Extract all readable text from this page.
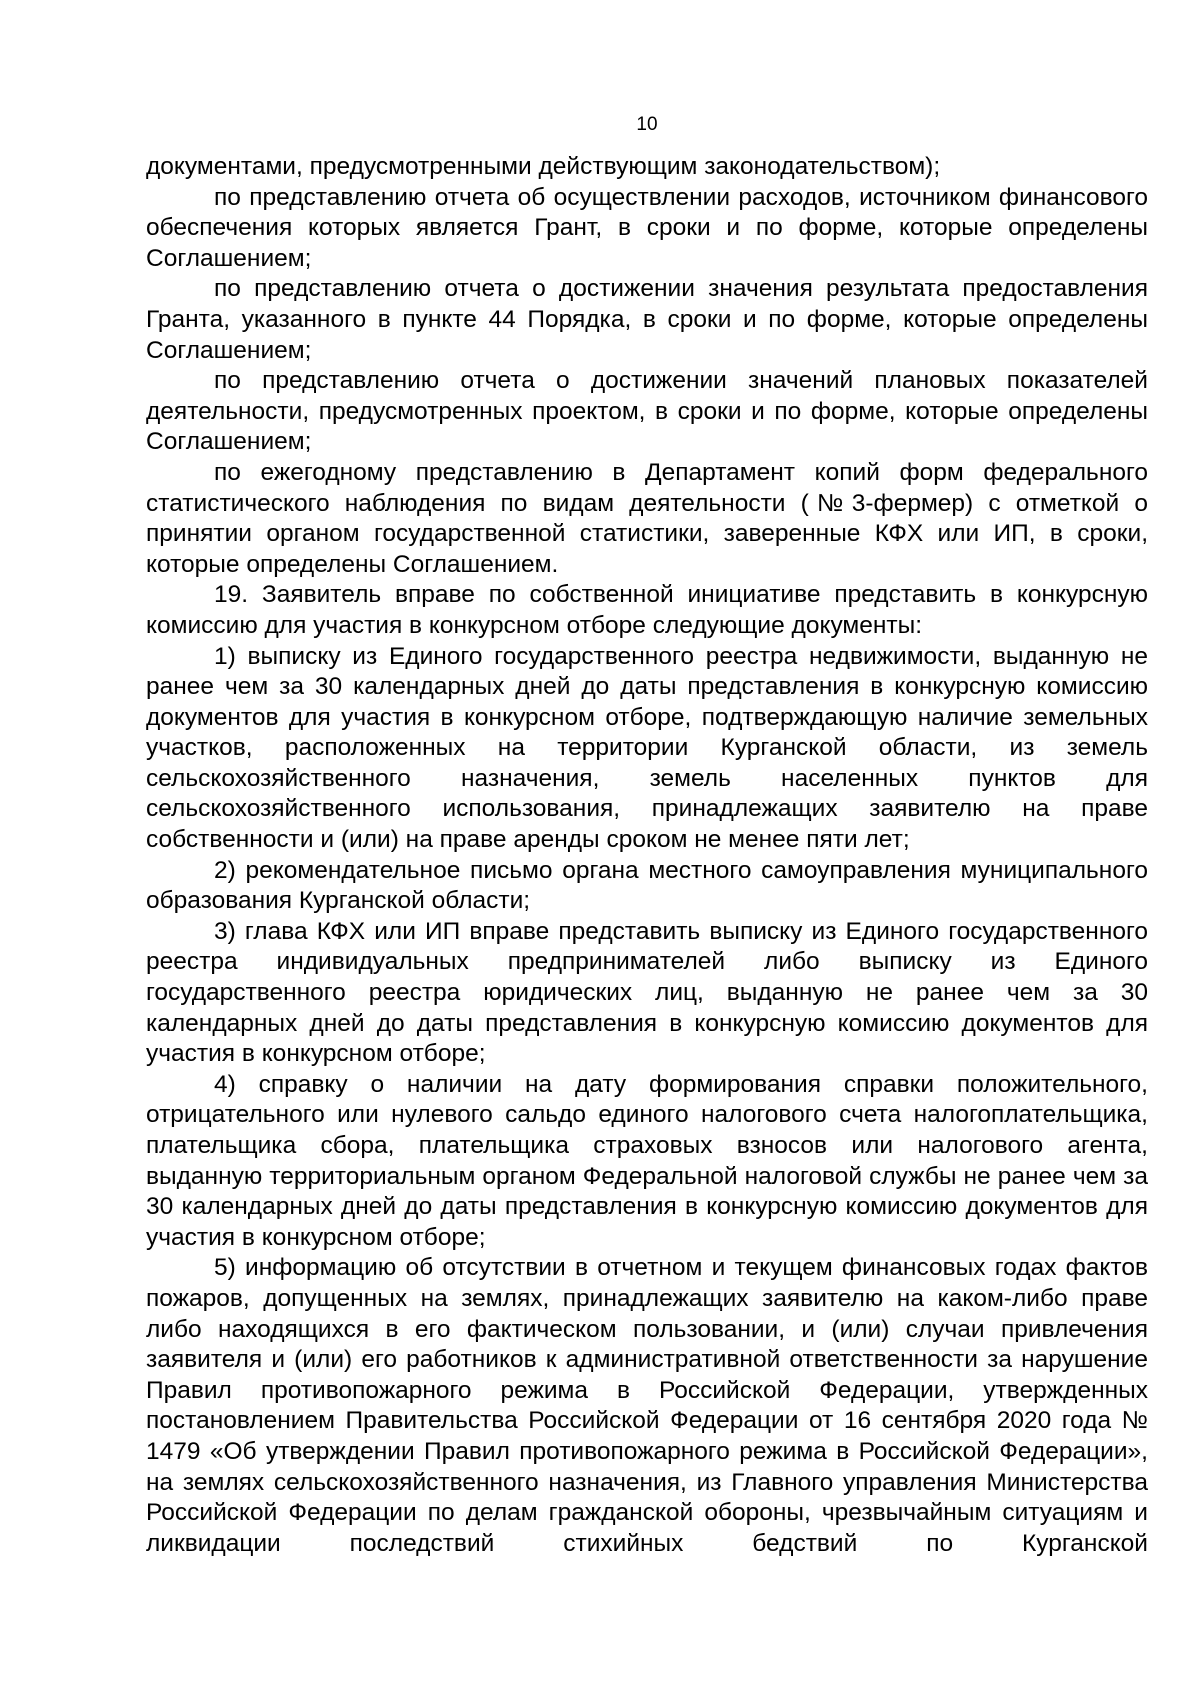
10

документами, предусмотренными действующим законодательством);

по представлению отчета об осуществлении расходов, источником финансового обеспечения которых является Грант, в сроки и по форме, которые определены Соглашением;

по представлению отчета о достижении значения результата предоставления Гранта, указанного в пункте 44 Порядка, в сроки и по форме, которые определены Соглашением;

по представлению отчета о достижении значений плановых показателей деятельности, предусмотренных проектом, в сроки и по форме, которые определены Соглашением;

по ежегодному представлению в Департамент копий форм федерального статистического наблюдения по видам деятельности (№3-фермер) с отметкой о принятии органом государственной статистики, заверенные КФХ или ИП, в сроки, которые определены Соглашением.

19. Заявитель вправе по собственной инициативе представить в конкурсную комиссию для участия в конкурсном отборе следующие документы:

1) выписку из Единого государственного реестра недвижимости, выданную не ранее чем за 30 календарных дней до даты представления в конкурсную комиссию документов для участия в конкурсном отборе, подтверждающую наличие земельных участков, расположенных на территории Курганской области, из земель сельскохозяйственного назначения, земель населенных пунктов для сельскохозяйственного использования, принадлежащих заявителю на праве собственности и (или) на праве аренды сроком не менее пяти лет;

2) рекомендательное письмо органа местного самоуправления муниципального образования Курганской области;

3) глава КФХ или ИП вправе представить выписку из Единого государственного реестра индивидуальных предпринимателей либо выписку из Единого государственного реестра юридических лиц, выданную не ранее чем за 30 календарных дней до даты представления в конкурсную комиссию документов для участия в конкурсном отборе;

4) справку о наличии на дату формирования справки положительного, отрицательного или нулевого сальдо единого налогового счета налогоплательщика, плательщика сбора, плательщика страховых взносов или налогового агента, выданную территориальным органом Федеральной налоговой службы не ранее чем за 30 календарных дней до даты представления в конкурсную комиссию документов для участия в конкурсном отборе;

5) информацию об отсутствии в отчетном и текущем финансовых годах фактов пожаров, допущенных на землях, принадлежащих заявителю на каком-либо праве либо находящихся в его фактическом пользовании, и (или) случаи привлечения заявителя и (или) его работников к административной ответственности за нарушение Правил противопожарного режима в Российской Федерации, утвержденных постановлением Правительства Российской Федерации от 16 сентября 2020 года № 1479 «Об утверждении Правил противопожарного режима в Российской Федерации», на землях сельскохозяйственного назначения, из Главного управления Министерства Российской Федерации по делам гражданской обороны, чрезвычайным ситуациям и ликвидации последствий стихийных бедствий по Курганской
